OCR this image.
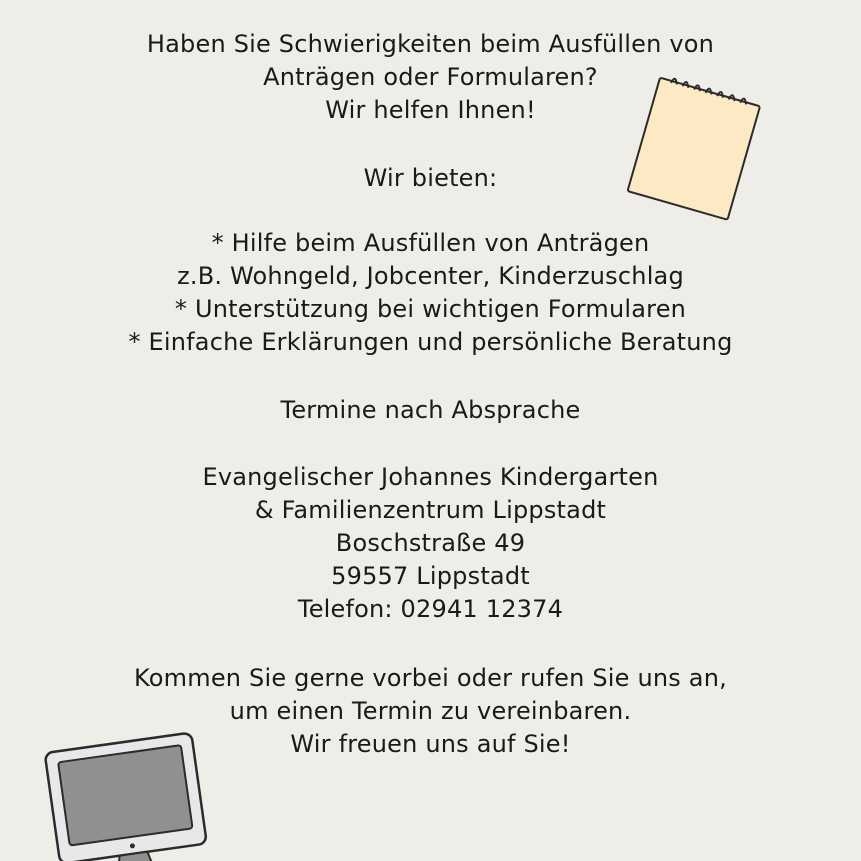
Haben Sie Schwierigkeiten beim Ausfüllen von
Anträgen oder Formularen?
Wir helfen Ihnen!
Wir bieten:
* Hilfe beim Ausfüllen von Anträgen
z.B. Wohngeld, Jobcenter, Kinderzuschlag
* Unterstützung bei wichtigen Formularen
* Einfache Erklärungen und persönliche Beratung
Termine nach Absprache
Evangelischer Johannes Kindergarten
& Familienzentrum Lippstadt
Boschstraße 49
59557 Lippstadt
Telefon: 02941 12374
Kommen Sie gerne vorbei oder rufen Sie uns an,
um einen Termin zu vereinbaren.
Wir freuen uns auf Sie!
